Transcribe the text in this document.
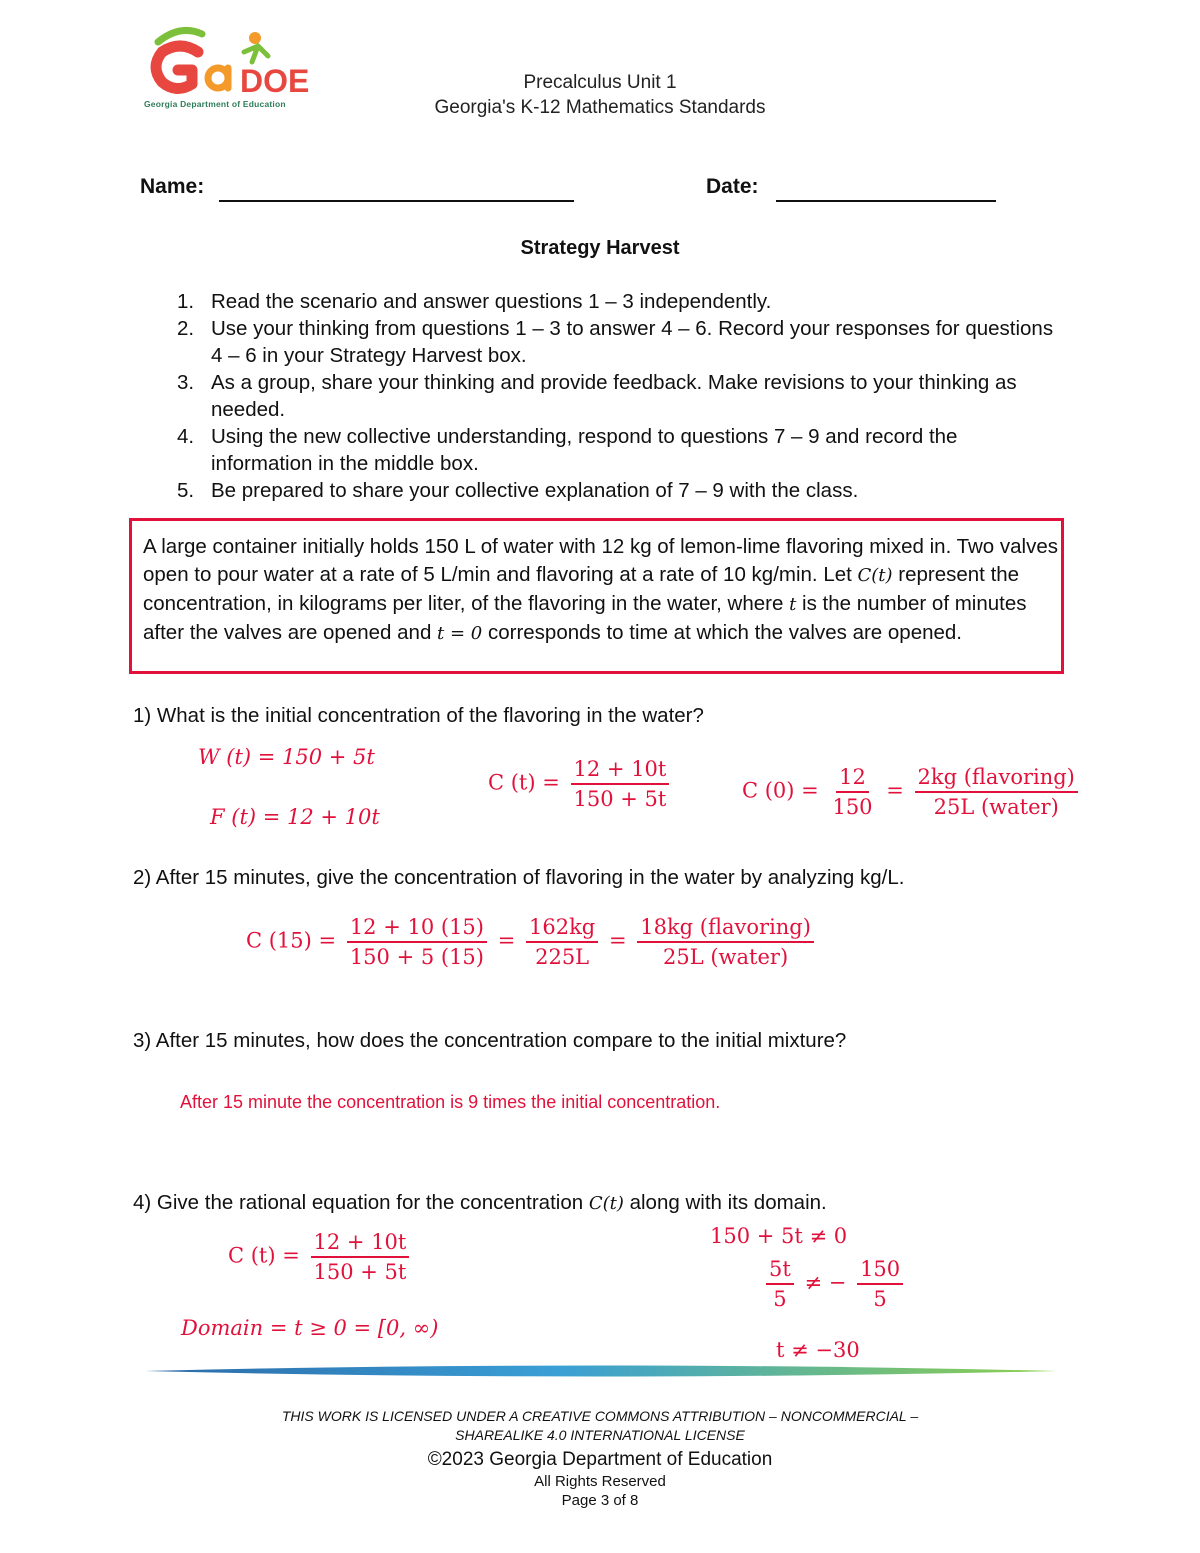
DOE
Georgia Department of Education
Precalculus Unit 1
Georgia's K-12 Mathematics Standards
Name:	Date:
Strategy Harvest
1. Read the scenario and answer questions 1 – 3 independently.
2. Use your thinking from questions 1 – 3 to answer 4 – 6. Record your responses for questions 4 – 6 in your Strategy Harvest box.
3. As a group, share your thinking and provide feedback. Make revisions to your thinking as needed.
4. Using the new collective understanding, respond to questions 7 – 9 and record the information in the middle box.
5. Be prepared to share your collective explanation of 7 – 9 with the class.

A large container initially holds 150 L of water with 12 kg of lemon-lime flavoring mixed in. Two valves open to pour water at a rate of 5 L/min and flavoring at a rate of 10 kg/min. Let C(t) represent the concentration, in kilograms per liter, of the flavoring in the water, where t is the number of minutes after the valves are opened and t = 0 corresponds to time at which the valves are opened.

1) What is the initial concentration of the flavoring in the water?
W (t) = 150 + 5t
F (t) = 12 + 10t
C $(t) = \frac{12 + 10t}{150 + 5t}$	C $(0) = \frac{12}{150} = \frac{\text{2kg (flavoring)}}{\text{25L (water)}}$
2) After 15 minutes, give the concentration of flavoring in the water by analyzing kg/L.
C $(15) = \frac{12 + 10 (15)}{150 + 5 (15)} = \frac{162kg}{225L} = \frac{\text{18kg (flavoring)}}{\text{25L (water)}}$
3) After 15 minutes, how does the concentration compare to the initial mixture?
After 15 minute the concentration is 9 times the initial concentration.
4) Give the rational equation for the concentration C(t) along with its domain.
C $(t) = \frac{12 + 10t}{150 + 5t}$
Domain = t ≥ 0 = [0, ∞)
150 + 5t ≠ 0
$\frac{5t}{5}$ ≠ − $\frac{150}{5}$
t ≠ −30
THIS WORK IS LICENSED UNDER A CREATIVE COMMONS ATTRIBUTION – NONCOMMERCIAL –
SHAREALIKE 4.0 INTERNATIONAL LICENSE
©2023 Georgia Department of Education
All Rights Reserved
Page 3 of 8
